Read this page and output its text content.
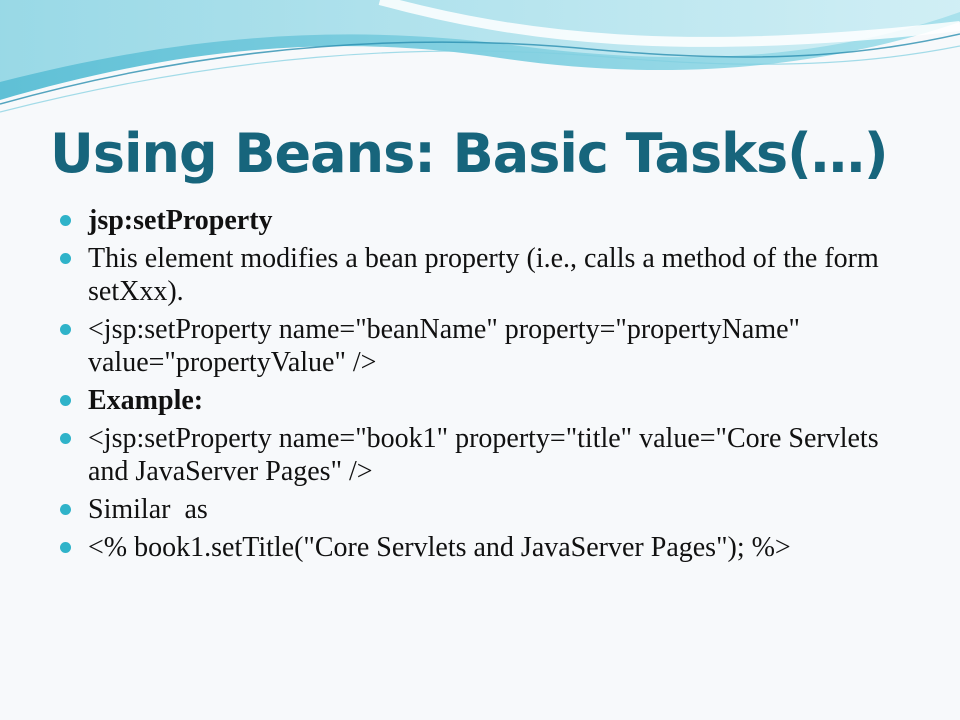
Using Beans: Basic Tasks(…)
jsp:setProperty
This element modifies a bean property (i.e., calls a method of the form setXxx).
<jsp:setProperty name="beanName" property="propertyName" value="propertyValue" />
Example:
<jsp:setProperty name="book1" property="title" value="Core Servlets and JavaServer Pages" />
Similar  as
<% book1.setTitle("Core Servlets and JavaServer Pages"); %>
